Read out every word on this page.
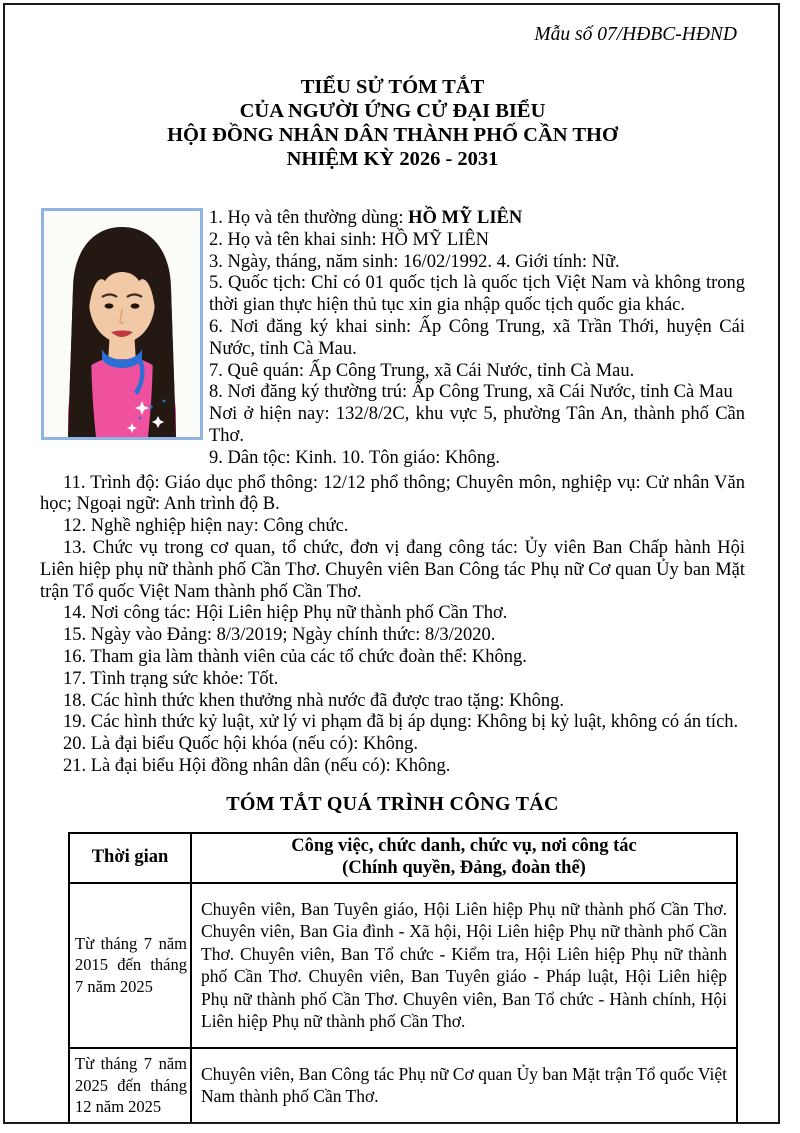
Mẫu số 07/HĐBC-HĐND
TIỂU SỬ TÓM TẮT
CỦA NGƯỜI ỨNG CỬ ĐẠI BIỂU
HỘI ĐỒNG NHÂN DÂN THÀNH PHỐ CẦN THƠ
NHIỆM KỲ 2026 - 2031

1. Họ và tên thường dùng: HỒ MỸ LIÊN

2. Họ và tên khai sinh: HỒ MỸ LIÊN

3. Ngày, tháng, năm sinh: 16/02/1992. 4. Giới tính: Nữ.

5. Quốc tịch: Chỉ có 01 quốc tịch là quốc tịch Việt Nam và không trong thời gian thực hiện thủ tục xin gia nhập quốc tịch quốc gia khác.

6. Nơi đăng ký khai sinh: Ấp Công Trung, xã Trần Thới, huyện Cái Nước, tỉnh Cà Mau.

7. Quê quán: Ấp Công Trung, xã Cái Nước, tỉnh Cà Mau.

8. Nơi đăng ký thường trú: Ấp Công Trung, xã Cái Nước, tỉnh Cà Mau

Nơi ở hiện nay: 132/8/2C, khu vực 5, phường Tân An, thành phố Cần Thơ.

9. Dân tộc: Kinh. 10. Tôn giáo: Không.

11. Trình độ: Giáo dục phổ thông: 12/12 phổ thông; Chuyên môn, nghiệp vụ: Cử nhân Văn học; Ngoại ngữ: Anh trình độ B.

12. Nghề nghiệp hiện nay: Công chức.

13. Chức vụ trong cơ quan, tổ chức, đơn vị đang công tác: Ủy viên Ban Chấp hành Hội Liên hiệp phụ nữ thành phố Cần Thơ. Chuyên viên Ban Công tác Phụ nữ Cơ quan Ủy ban Mặt trận Tổ quốc Việt Nam thành phố Cần Thơ.

14. Nơi công tác: Hội Liên hiệp Phụ nữ thành phố Cần Thơ.

15. Ngày vào Đảng: 8/3/2019; Ngày chính thức: 8/3/2020.

16. Tham gia làm thành viên của các tổ chức đoàn thể: Không.

17. Tình trạng sức khỏe: Tốt.

18. Các hình thức khen thưởng nhà nước đã được trao tặng: Không.

19. Các hình thức kỷ luật, xử lý vi phạm đã bị áp dụng: Không bị kỷ luật, không có án tích.

20. Là đại biểu Quốc hội khóa (nếu có): Không.

21. Là đại biểu Hội đồng nhân dân (nếu có): Không.

TÓM TẮT QUÁ TRÌNH CÔNG TÁC
Thời gian	Công việc, chức danh, chức vụ, nơi công tác
(Chính quyền, Đảng, đoàn thể)

Từ tháng 7 năm 2015 đến tháng 7 năm 2025	Chuyên viên, Ban Tuyên giáo, Hội Liên hiệp Phụ nữ thành phố Cần Thơ. Chuyên viên, Ban Gia đình - Xã hội, Hội Liên hiệp Phụ nữ thành phố Cần Thơ. Chuyên viên, Ban Tổ chức - Kiểm tra, Hội Liên hiệp Phụ nữ thành phố Cần Thơ. Chuyên viên, Ban Tuyên giáo - Pháp luật, Hội Liên hiệp Phụ nữ thành phố Cần Thơ. Chuyên viên, Ban Tổ chức - Hành chính, Hội Liên hiệp Phụ nữ thành phố Cần Thơ.
Từ tháng 7 năm 2025 đến tháng 12 năm 2025	Chuyên viên, Ban Công tác Phụ nữ Cơ quan Ủy ban Mặt trận Tổ quốc Việt Nam thành phố Cần Thơ.
